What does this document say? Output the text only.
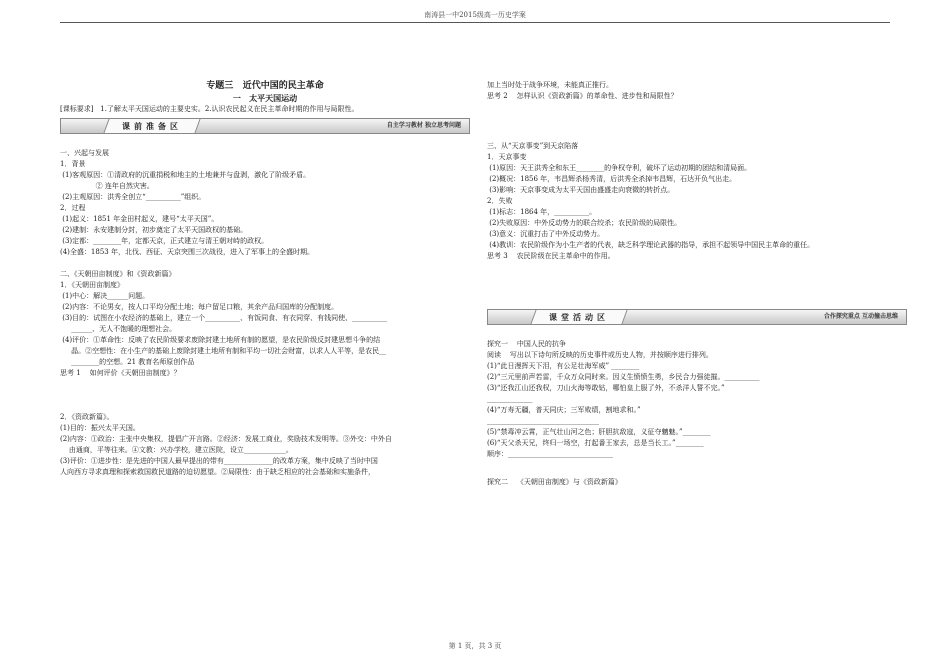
南涛县一中2015级高一历史学案
专题三   近代中国的民主革命
一   太平天国运动
[课标要求]   1.了解太平天国运动的主要史实。2.认识农民起义在民主革命时期的作用与局限性。
课前准备区	自主学习教材 独立思考问题
一、兴起与发展
1．背景
(1)客观原因：①清政府的沉重捐税和地主的土地兼并与盘剥，激化了阶级矛盾。
② 连年自然灾害。
(2)主观原因：洪秀全创立“__________”组织。
2．过程
(1)起义：1851 年金田村起义，建号“太平天国”。
(2)建制：永安建制分封，初步奠定了太平天国政权的基础。
(3)定都：________年，定都天京，正式建立与清王朝对峙的政权。
(4)全盛：1853 年，北伐、西征、天京突围三次战役，进入了军事上的全盛时期。
二、《天朝田亩制度》和《资政新篇》
1．《天朝田亩制度》
(1)中心：解决______问题。
(2)内容：不论男女，按人口平均分配土地；每户留足口粮，其余产品归国库的分配制度。
(3)目的：试图在小农经济的基础上，建立一个__________、有饭同食、有衣同穿、有钱同使、__________
______、无人不饱暖的理想社会。
(4)评价：①革命性：反映了农民阶级要求废除封建土地所有制的愿望，是农民阶级反封建思想斗争的结
晶。②空想性：在小生产的基础上废除封建土地所有制和平均一切社会财富，以求人人平等，是农民__
________的空想。21 教育名师原创作品
思考 1    如何评价《天朝田亩制度》？
2．《资政新篇》。
(1)目的：振兴太平天国。
(2)内容：①政治：主张中央集权，提倡广开言路。②经济：发展工商业，奖励技术发明等。③外交：中外自
由通商，平等往来。④文教：兴办学校，建立医院，设立____________。
(3)评价：①进步性：是先进的中国人最早提出的带有______________的改革方案，集中反映了当时中国
人向西方寻求真理和探索救国救民道路的迫切愿望。②局限性：由于缺乏相应的社会基础和实施条件，
加上当时处于战争环境，未能真正推行。
思考 2    怎样认识《资政新篇》的革命性、进步性和局限性？
三、从“天京事变”到天京陷落
1．天京事变
(1)原因：天王洪秀全和东王________的争权夺利，破坏了运动初期的团结和清局面。
(2)概况：1856 年，韦昌辉杀杨秀清，后洪秀全杀掉韦昌辉，石达开负气出走。
(3)影响：天京事变成为太平天国由盛盛走向衰微的转折点。
2．失败
(1)标志：1864 年，__________。
(2)失败原因：中外反动势力的联合绞杀；农民阶级的局限性。
(3)意义：沉重打击了中外反动势力。
(4)教训：农民阶级作为小生产者的代表，缺乏科学理论武器的指导，承担不起领导中国民主革命的重任。
思考 3    农民阶级在民主革命中的作用。
课堂活动区	合作探究重点 互动撞击思维
探究一    中国人民的抗争
阅读    写出以下诗句所反映的历史事件或历史人物，并按顺序进行排列。
(1)“此日漫挥天下泪，有公足壮海军威” ________
(2)“三元里前声若雷，千众万众同时来。因义生愤愤生勇，乡民合力强徒摧。__________
(3)“还我江山还我权，刀山火海等敢钻，哪怕皇上服了外，不杀洋人誓不完。”
_____________
(4)“万寿无疆，普天同庆；三军败绩，割地求和。”
________________________________
(5)“禁毒冲云霄，正气壮山河之色；肝胆抗敌寇，义征夺魑魅。”________
(6)“天父杀天兄，终归一场空，打起番王家去，总是当长工。”________
顺序：______________________________
探究二    《天朝田亩制度》与《资政新篇》
第 1 页，共 3 页
